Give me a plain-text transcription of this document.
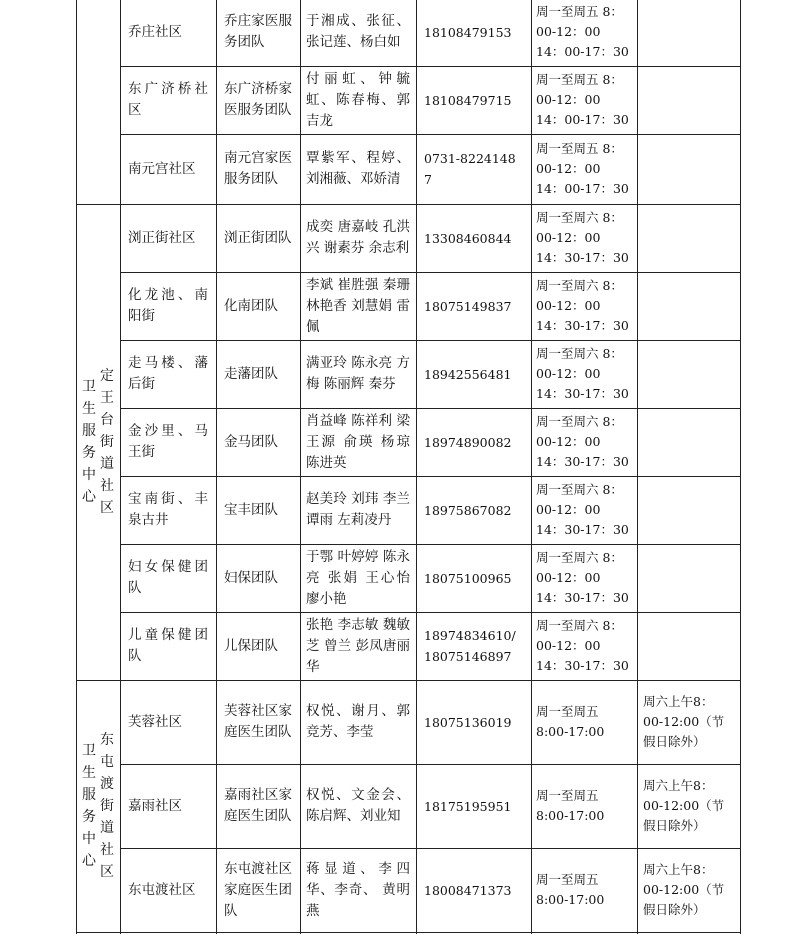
乔庄社区
乔庄家医服务团队
于湘成、张征、张记莲、杨白如
18108479153
周一至周五 8：00-12：00 14：00-17：30
东广济桥社区
东广济桥家医服务团队
付丽虹、钟毓虹、陈春梅、郭吉龙
18108479715
周一至周五 8：00-12：00 14：00-17：30
南元宫社区
南元宫家医服务团队
覃紫军、程婷、刘湘薇、邓娇清
0731-82241487
周一至周五 8：00-12：00 14：00-17：30
浏正街社区	浏正街团队
成奕 唐嘉岐 孔洪兴 谢素芬 余志利
13308460844
周一至周六 8：00-12：00 14：30-17：30
化龙池、南阳街
化南团队
李斌 崔胜强 秦珊 林艳香 刘慧娟 雷佩
18075149837
周一至周六 8：00-12：00 14：30-17：30
走马楼、藩后街
走藩团队
满亚玲 陈永亮 方梅 陈丽辉 秦芬
18942556481
周一至周六 8：00-12：00 14：30-17：30
金沙里、马王街
金马团队
肖益峰 陈祥利 梁王源 俞瑛 杨琼 陈进英
18974890082
周一至周六 8：00-12：00 14：30-17：30
宝南街、丰泉古井
宝丰团队
赵美玲 刘玮 李兰 谭雨 左莉凌丹
18975867082
周一至周六 8：00-12：00 14：30-17：30
妇女保健团队
妇保团队
于鄂 叶婷婷 陈永亮 张娟 王心怡 廖小艳
18075100965
周一至周六 8：00-12：00 14：30-17：30
儿童保健团队
儿保团队
张艳 李志敏 魏敏芝 曾兰 彭凤唐丽华
18974834610/18075146897
周一至周六 8：00-12：00 14：30-17：30
定王台街道社区
卫生服务中心
芙蓉社区
芙蓉社区家庭医生团队
权悦、谢月、郭竞芳、李莹
18075136019
周一至周五 8:00-17:00
周六上午8： 00-12:00（节假日除外）
嘉雨社区
嘉雨社区家庭医生团队
权悦、文金会、陈启辉、刘业知
18175195951
周一至周五 8:00-17:00
周六上午8： 00-12:00（节假日除外）
东屯渡社区
东屯渡社区家庭医生团队
蒋显道、李四华、李奇、 黄明燕
18008471373
周一至周五 8:00-17:00
周六上午8： 00-12:00（节假日除外）
东屯渡街道社区
卫生服务中心
